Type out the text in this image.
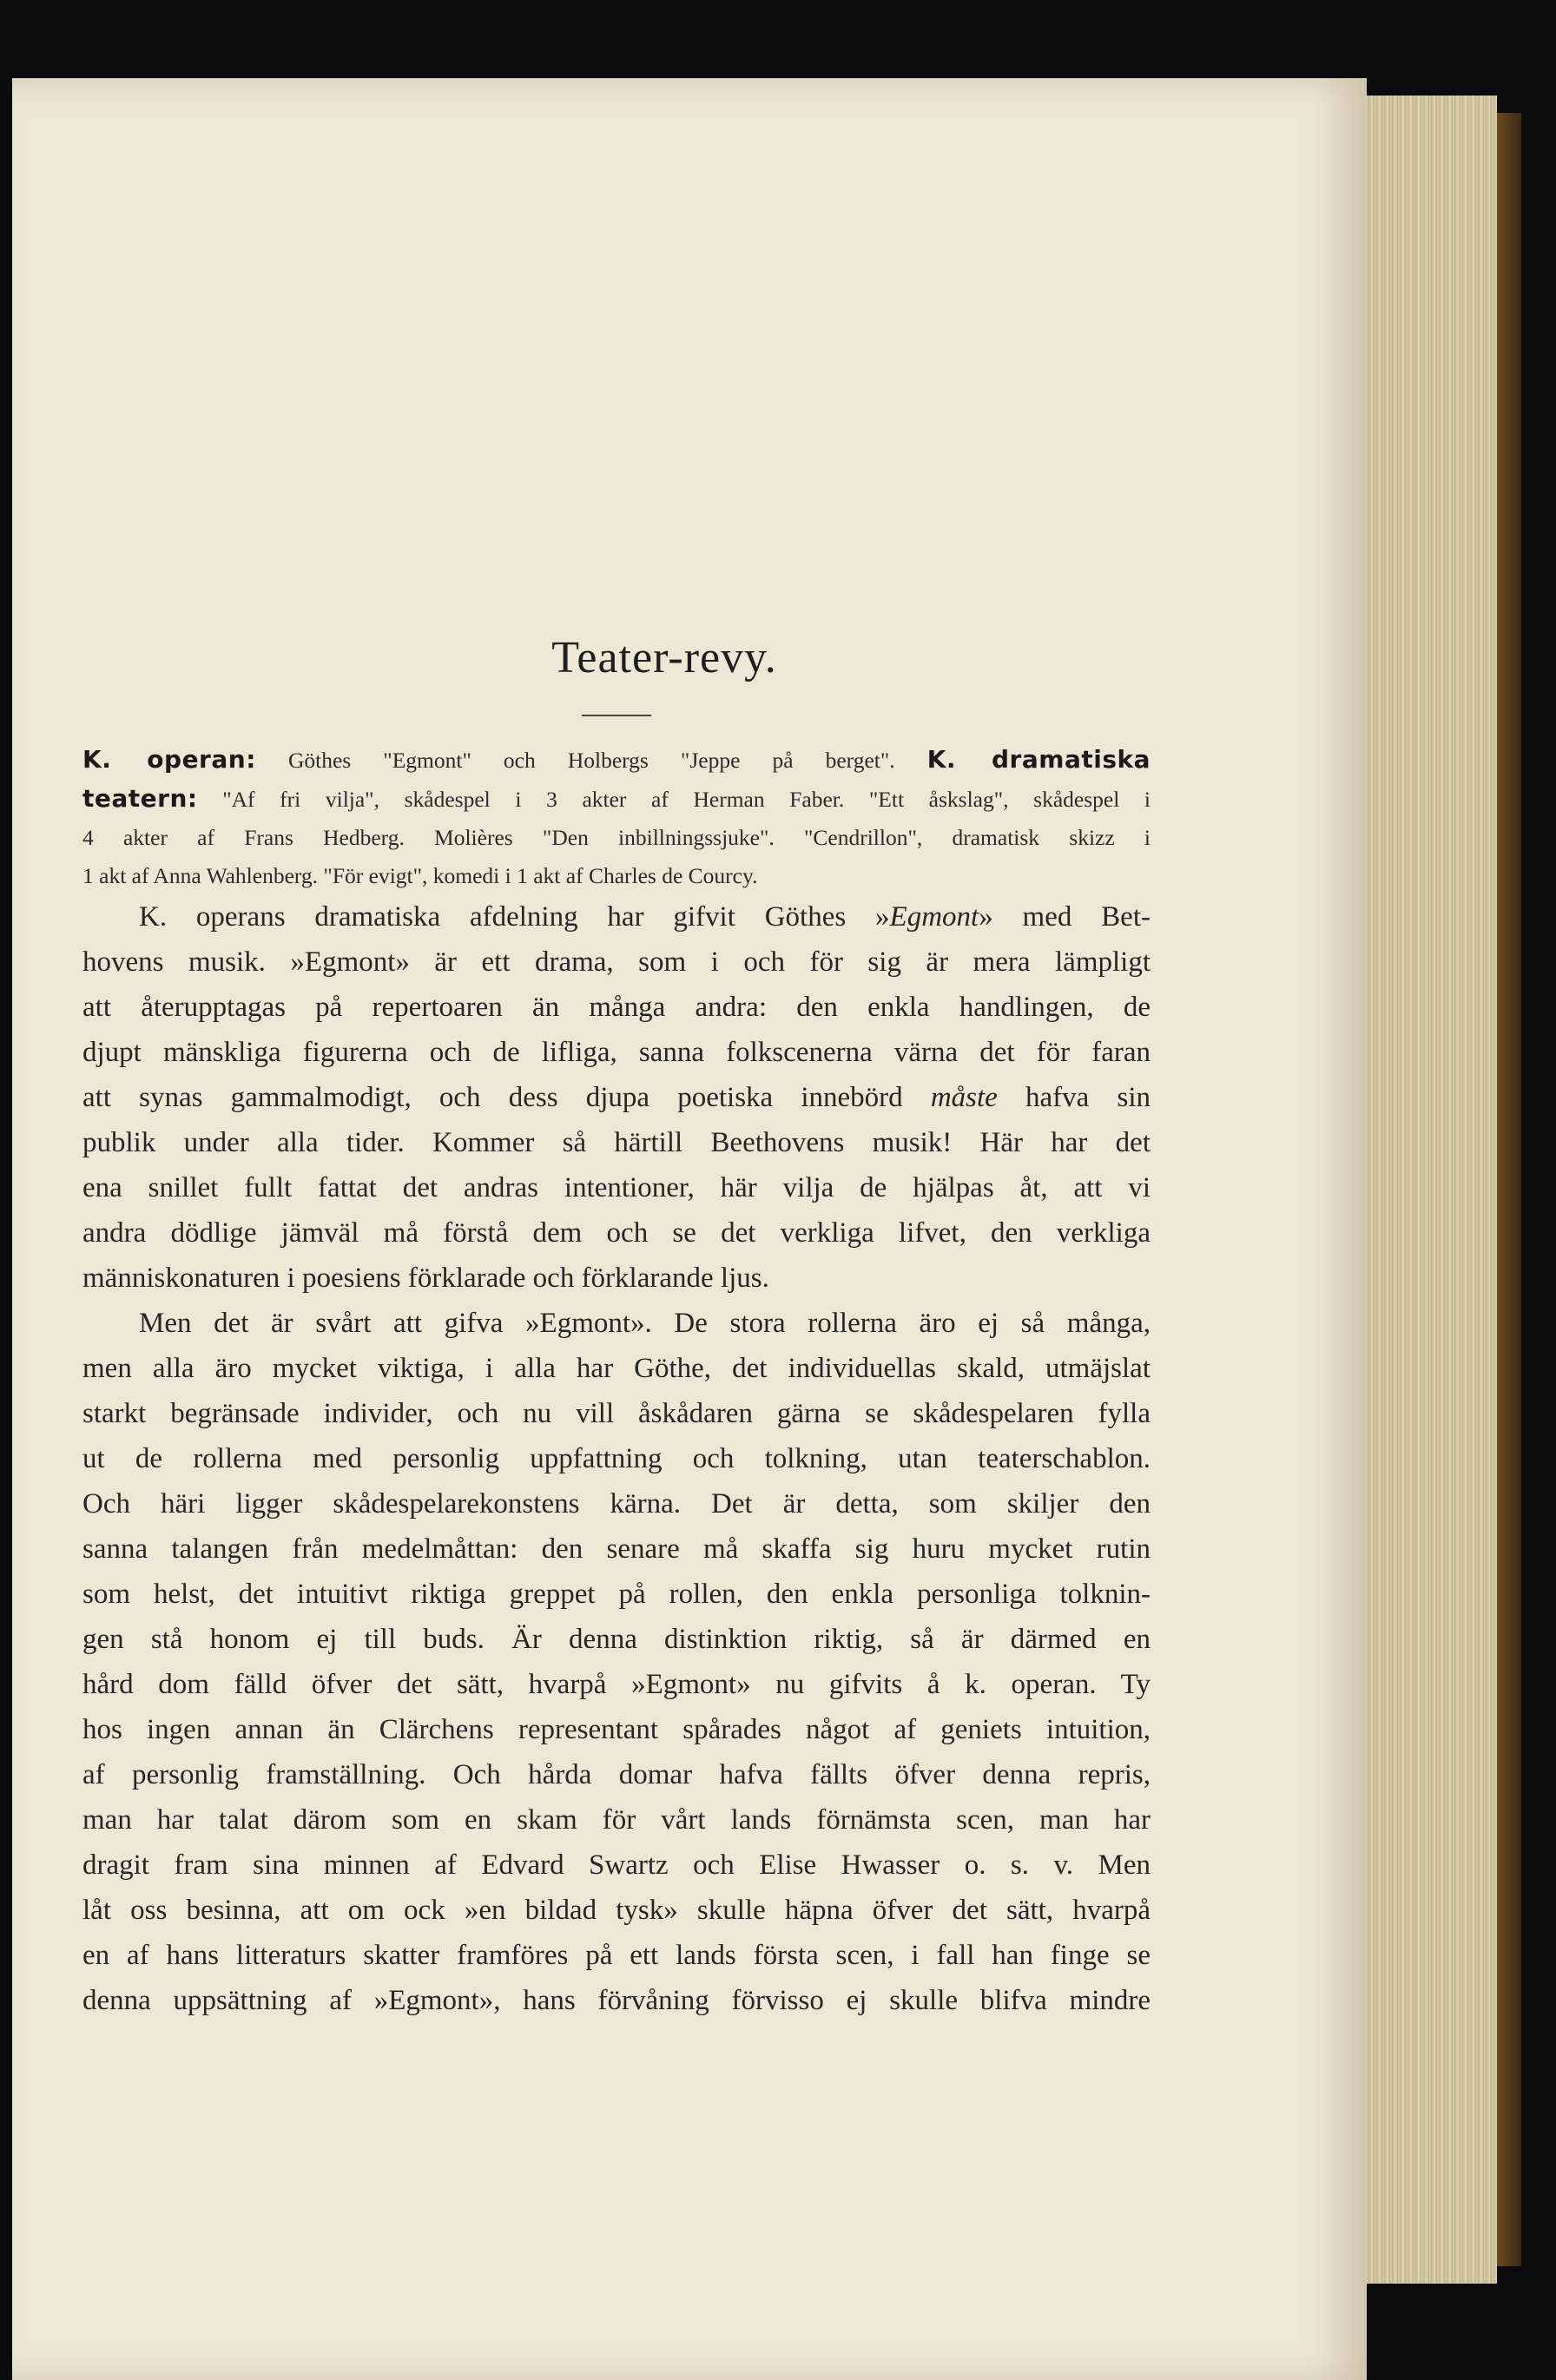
Teater-revy.
K. operan: Göthes "Egmont" och Holbergs "Jeppe på berget". K. dramatiska
teatern: "Af fri vilja", skådespel i 3 akter af Herman Faber. "Ett åskslag", skådespel i
4 akter af Frans Hedberg. Molières "Den inbillningssjuke". "Cendrillon", dramatisk skizz i
1 akt af Anna Wahlenberg. "För evigt", komedi i 1 akt af Charles de Courcy.

K. operans dramatiska afdelning har gifvit Göthes »Egmont» med Bet-

hovens musik. »Egmont» är ett drama, som i och för sig är mera lämpligt
att återupptagas på repertoaren än många andra: den enkla handlingen, de
djupt mänskliga figurerna och de lifliga, sanna folkscenerna värna det för faran
att synas gammalmodigt, och dess djupa poetiska innebörd måste hafva sin
publik under alla tider. Kommer så härtill Beethovens musik! Här har det
ena snillet fullt fattat det andras intentioner, här vilja de hjälpas åt, att vi
andra dödlige jämväl må förstå dem och se det verkliga lifvet, den verkliga
människonaturen i poesiens förklarade och förklarande ljus.

Men det är svårt att gifva »Egmont». De stora rollerna äro ej så många,
men alla äro mycket viktiga, i alla har Göthe, det individuellas skald, utmäjslat
starkt begränsade individer, och nu vill åskådaren gärna se skådespelaren fylla
ut de rollerna med personlig uppfattning och tolkning, utan teaterschablon.
Och häri ligger skådespelarekonstens kärna. Det är detta, som skiljer den
sanna talangen från medelmåttan: den senare må skaffa sig huru mycket rutin
som helst, det intuitivt riktiga greppet på rollen, den enkla personliga tolknin-
gen stå honom ej till buds. Är denna distinktion riktig, så är därmed en
hård dom fälld öfver det sätt, hvarpå »Egmont» nu gifvits å k. operan. Ty
hos ingen annan än Clärchens representant spårades något af geniets intuition,
af personlig framställning. Och hårda domar hafva fällts öfver denna repris,
man har talat därom som en skam för vårt lands förnämsta scen, man har
dragit fram sina minnen af Edvard Swartz och Elise Hwasser o. s. v. Men
låt oss besinna, att om ock »en bildad tysk» skulle häpna öfver det sätt, hvarpå
en af hans litteraturs skatter framföres på ett lands första scen, i fall han finge se
denna uppsättning af »Egmont», hans förvåning förvisso ej skulle blifva mindre
